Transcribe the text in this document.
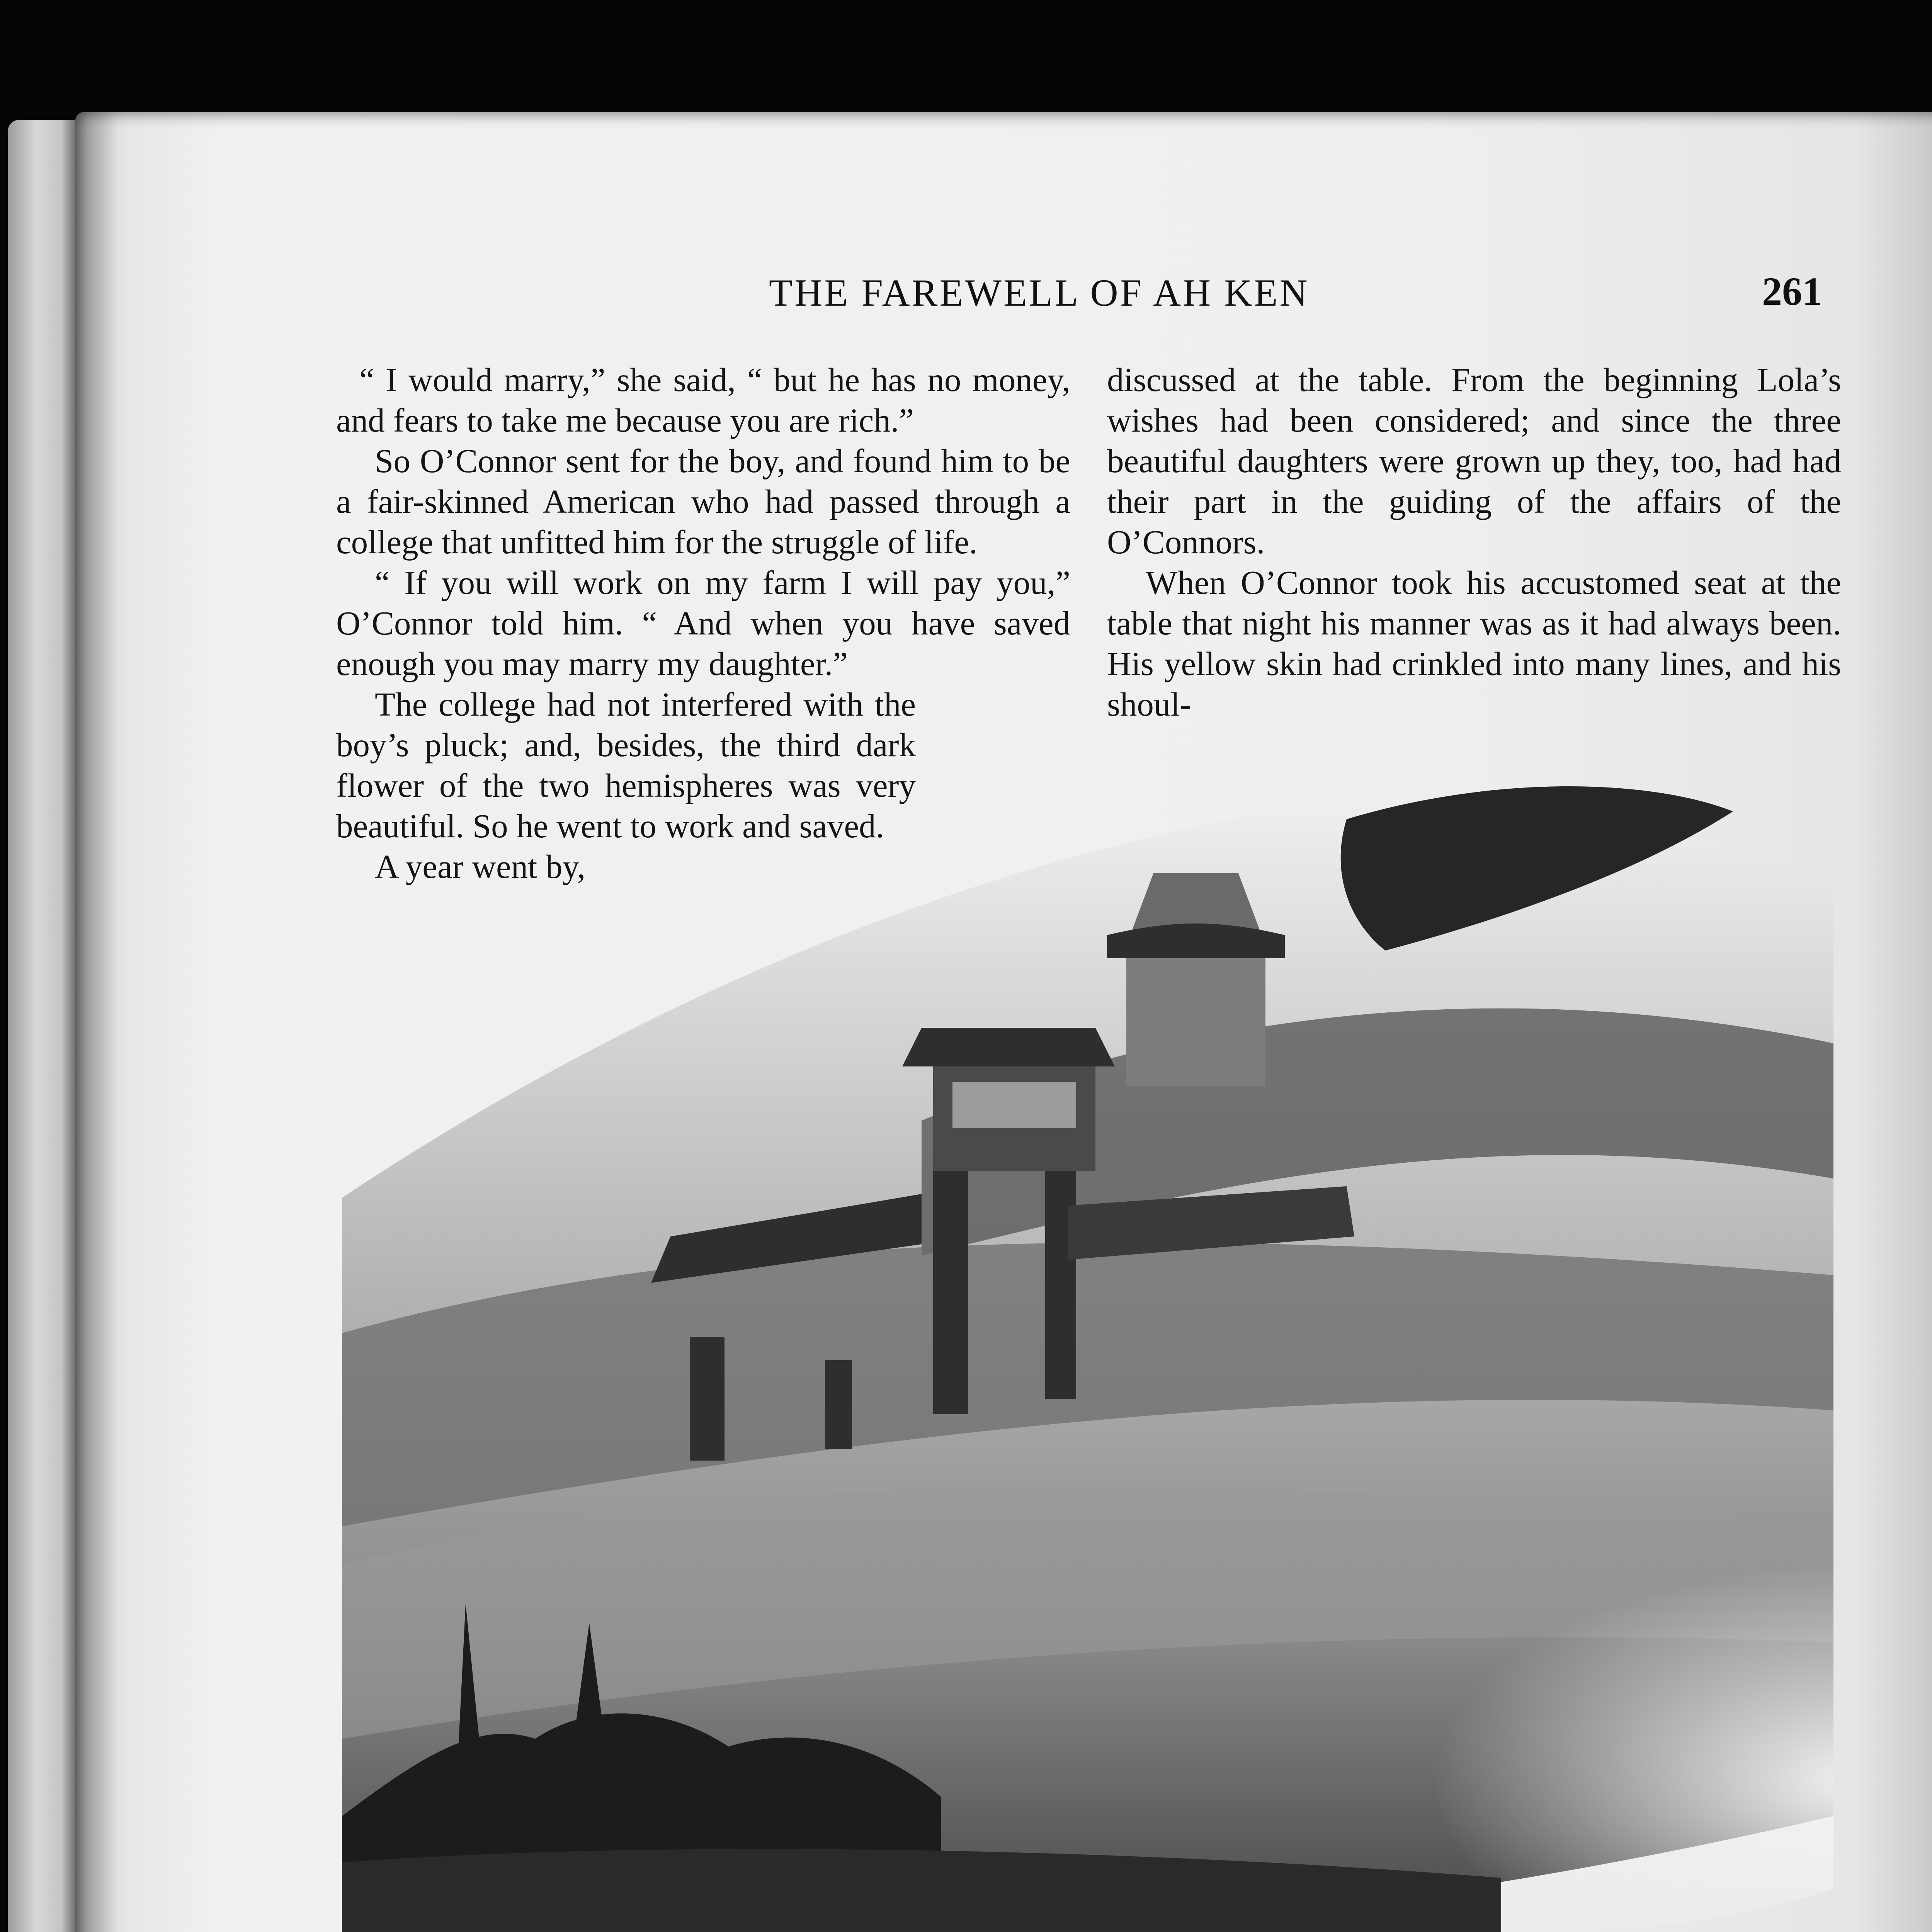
THE FAREWELL OF AH KEN	261

“ I would marry,” she said, “ but he has no money, and fears to take me because you are rich.”

So O’Connor sent for the boy, and found him to be a fair-skinned American who had passed through a college that unfitted him for the struggle of life.

“ If you will work on my farm I will pay you,” O’Connor told him. “ And when you have saved enough you may marry my daughter.”

The college had not interfered with the boy’s pluck; and, besides, the third dark flower of the two hemispheres was very beautiful. So he went to work and saved.

A year went by,

discussed at the table. From the beginning Lola’s wishes had been considered; and since the three beautiful daughters were grown up they, too, had had their part in the guiding of the affairs of the O’Connors.

When O’Connor took his accustomed seat at the table that night his manner was as it had always been. His yellow skin had crinkled into many lines, and his shoul-
